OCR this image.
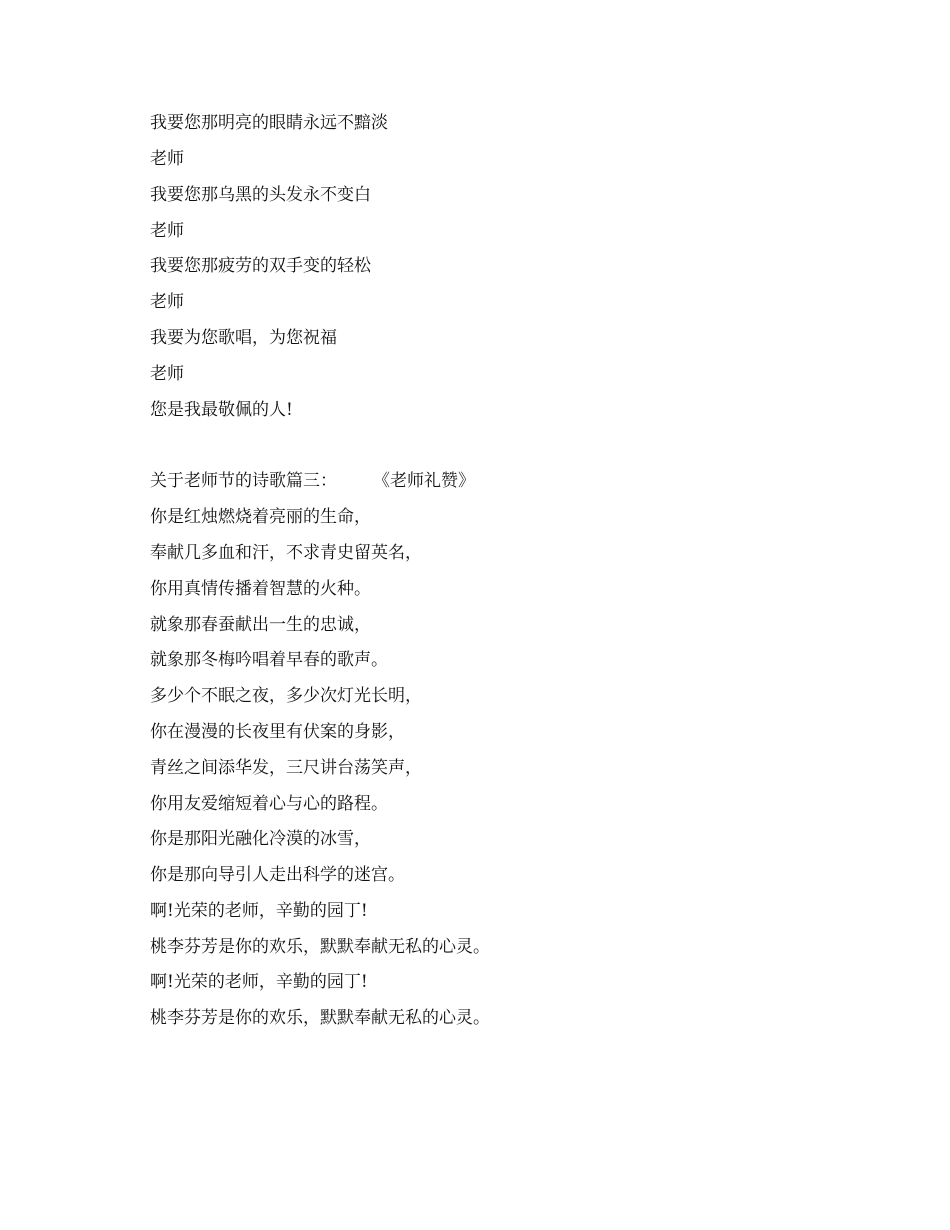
我要您那明亮的眼睛永远不黯淡
老师
我要您那乌黑的头发永不变白
老师
我要您那疲劳的双手变的轻松
老师
我要为您歌唱，为您祝福
老师
您是我最敬佩的人!
关于老师节的诗歌篇三： 《老师礼赞》
你是红烛燃烧着亮丽的生命，
奉献几多血和汗，不求青史留英名，
你用真情传播着智慧的火种。
就象那春蚕献出一生的忠诚，
就象那冬梅吟唱着早春的歌声。
多少个不眠之夜，多少次灯光长明，
你在漫漫的长夜里有伏案的身影，
青丝之间添华发，三尺讲台荡笑声，
你用友爱缩短着心与心的路程。
你是那阳光融化冷漠的冰雪，
你是那向导引人走出科学的迷宫。
啊!光荣的老师，辛勤的园丁!
桃李芬芳是你的欢乐，默默奉献无私的心灵。
啊!光荣的老师，辛勤的园丁!
桃李芬芳是你的欢乐，默默奉献无私的心灵。
